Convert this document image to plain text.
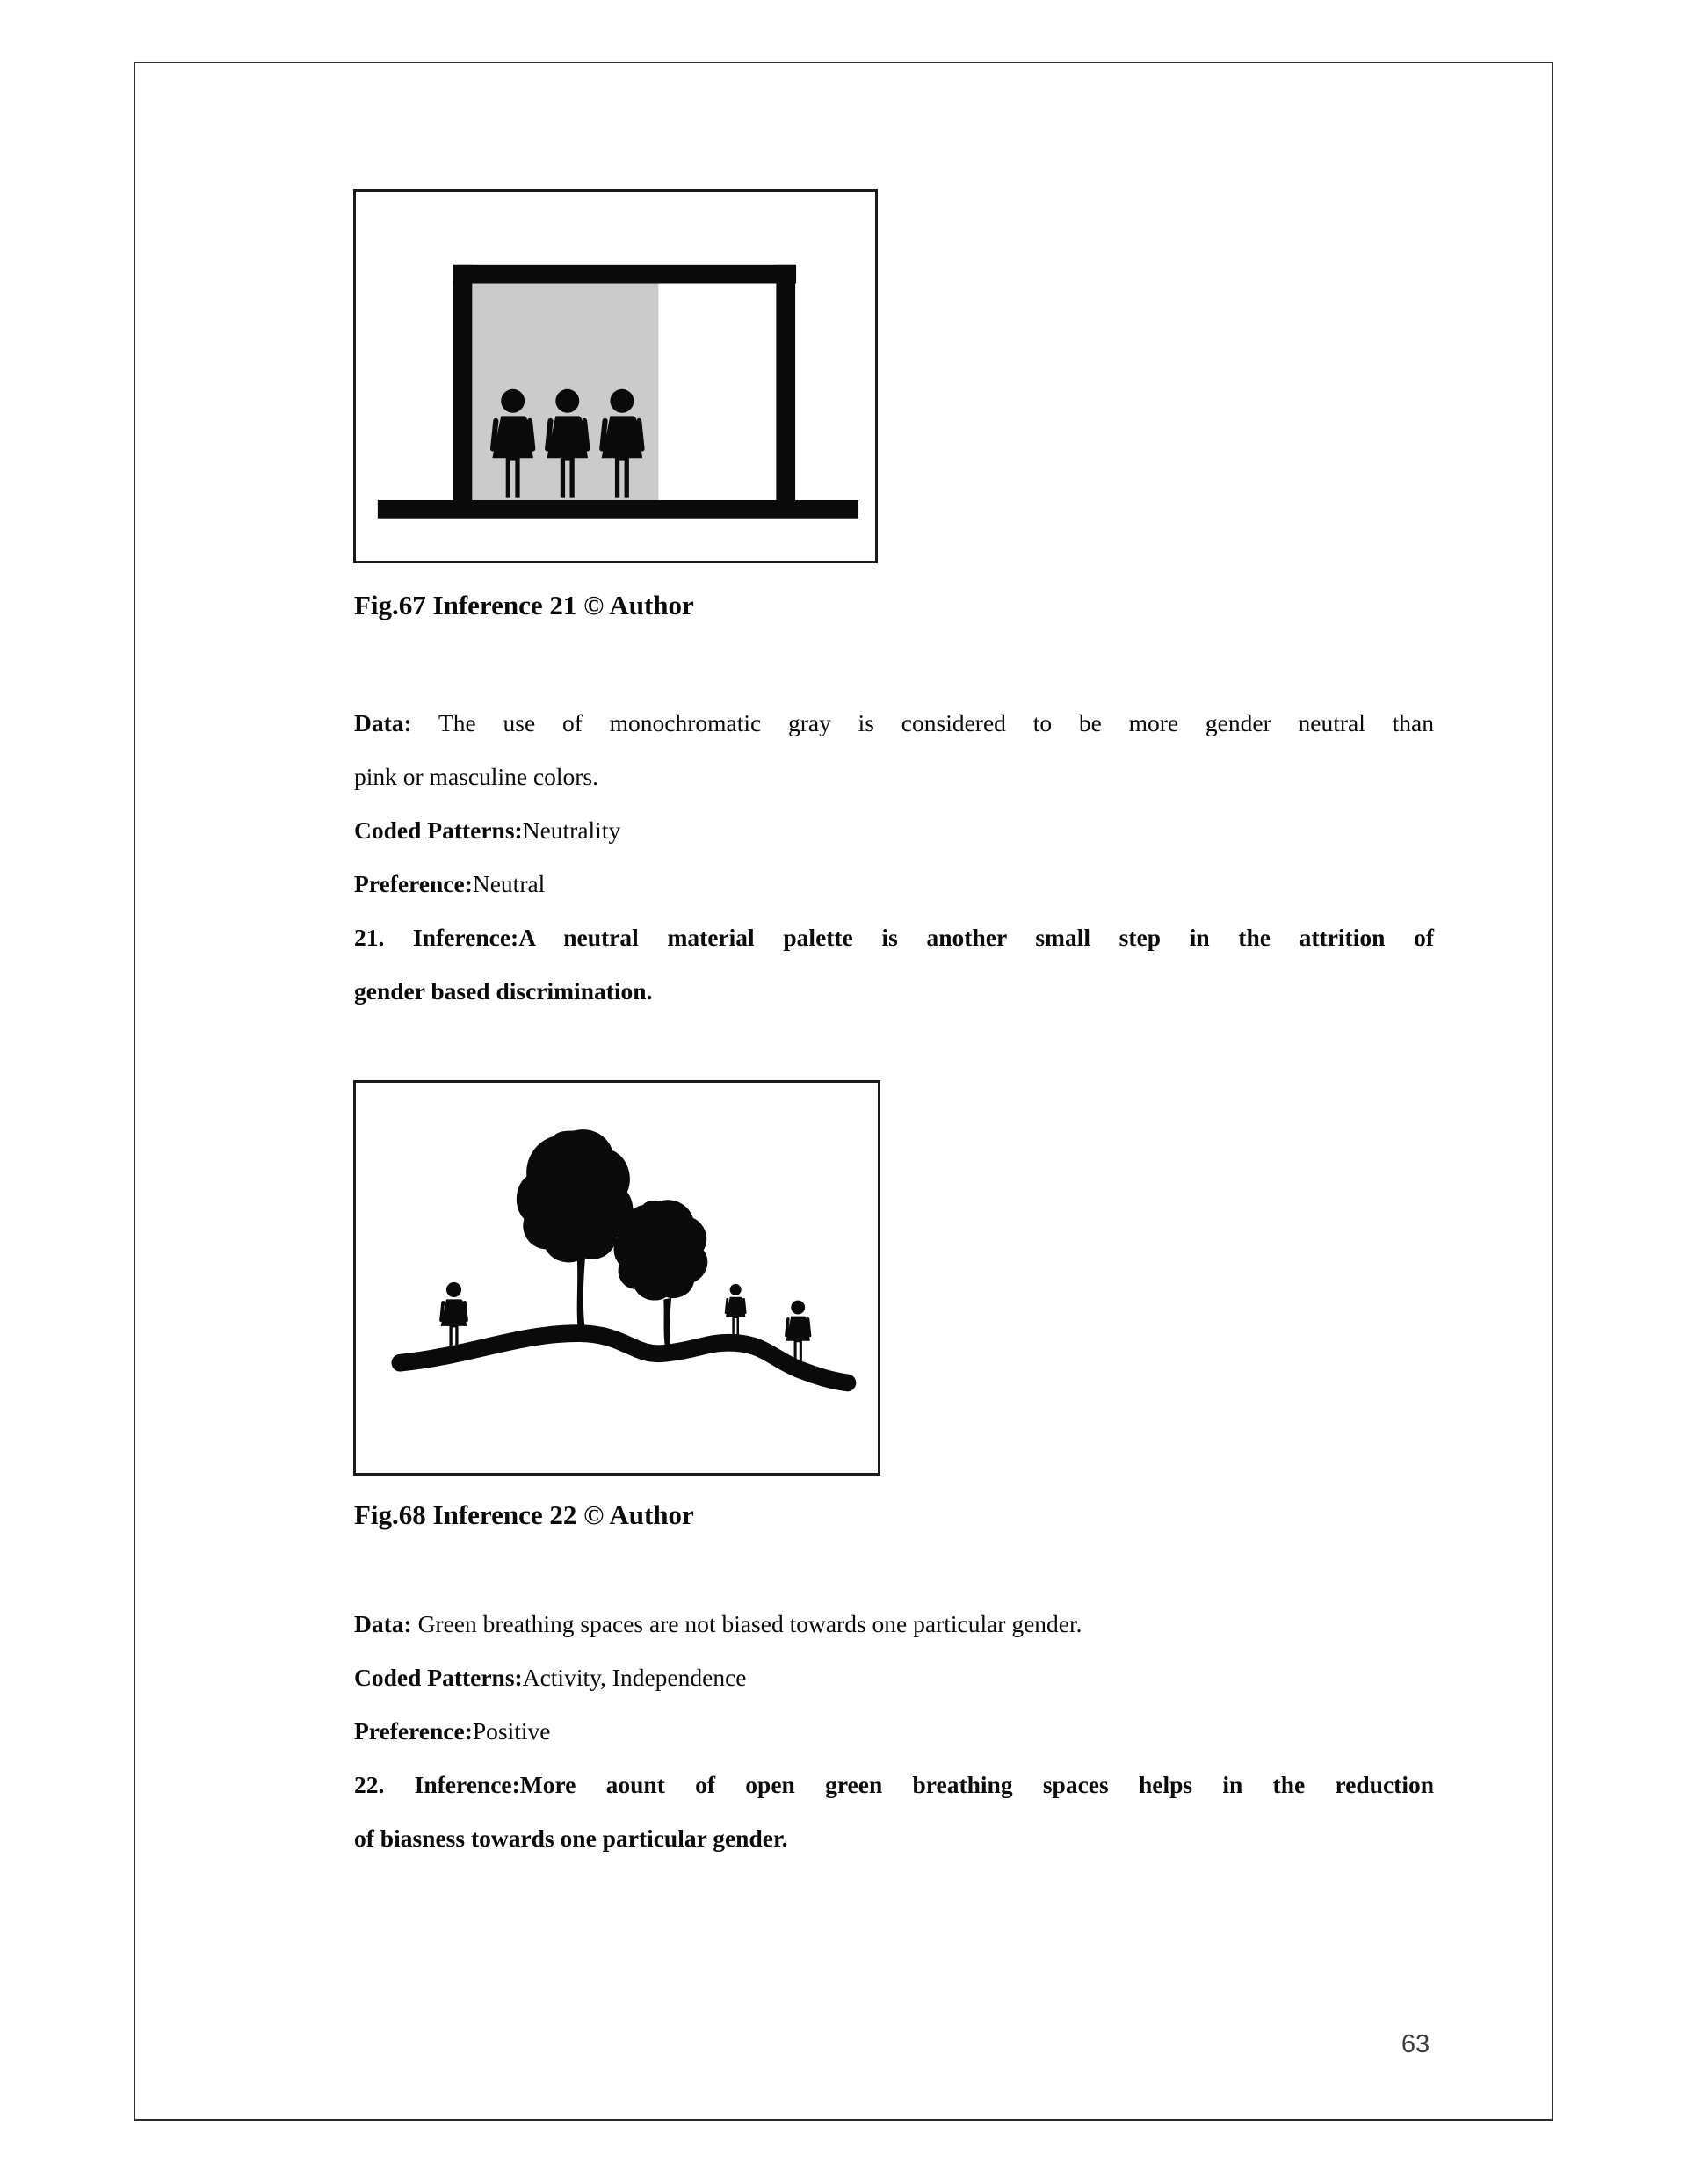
Fig.67 Inference 21 © Author
Data: The use of monochromatic gray is considered to be more gender neutral than
pink or masculine colors.
Coded Patterns:Neutrality
Preference:Neutral
21. Inference:A neutral material palette is another small step in the attrition of
gender based discrimination.
Fig.68 Inference 22 © Author
Data: Green breathing spaces are not biased towards one particular gender.
Coded Patterns:Activity, Independence
Preference:Positive
22. Inference:More aount of open green breathing spaces helps in the reduction
of biasness towards one particular gender.
63
